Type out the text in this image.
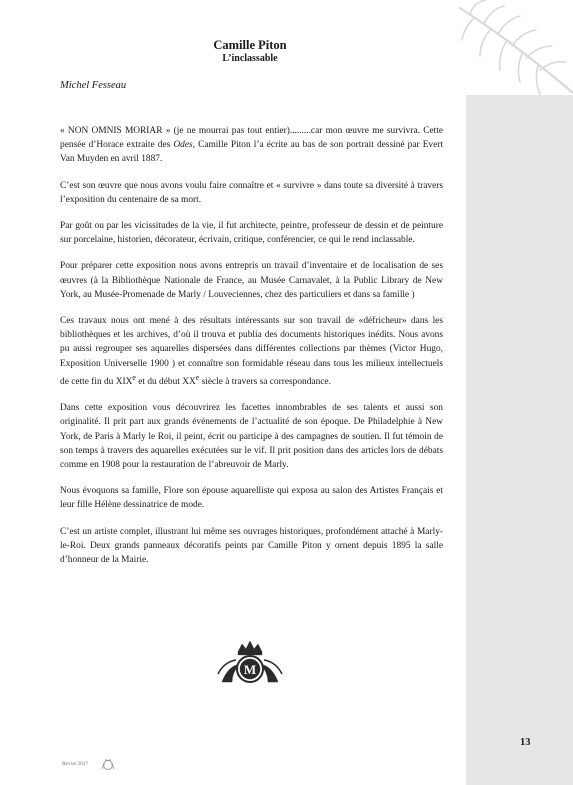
Camille Piton
L’inclassable

Michel Fesseau

« NON OMNIS MORIAR » (je ne mourrai pas tout entier).........car mon œuvre me survivra. Cette pensée d’Horace extraite des Odes, Camille Piton l’a écrite au bas de son portrait dessiné par Evert Van Muyden en avril 1887.

C’est son œuvre que nous avons voulu faire connaître et « survivre » dans toute sa diversité à travers l’exposition du centenaire de sa mort.

Par goût ou par les vicissitudes de la vie, il fut architecte, peintre, professeur de dessin et de peinture sur porcelaine, historien, décorateur, écrivain, critique, conférencier, ce qui le rend inclassable.

Pour préparer cette exposition nous avons entrepris un travail d’inventaire et de localisation de ses œuvres (à la Bibliothèque Nationale de France, au Musée Carnavalet, à la Public Library de New York, au Musée-Promenade de Marly / Louveciennes, chez des particuliers et dans sa famille )

Ces travaux nous ont mené à des résultats intéressants sur son travail de «défricheur» dans les bibliothèques et les archives, d’où il trouva et publia des documents historiques inédits. Nous avons pu aussi regrouper ses aquarelles dispersées dans différentes collections par thèmes (Victor Hugo, Exposition Universelle 1900 ) et connaître son formidable réseau dans tous les milieux intellectuels de cette fin du XIXe et du début XXe siècle à travers sa correspondance.

Dans cette exposition vous découvrirez les facettes innombrables de ses talents et aussi son originalité. Il prit part aux grands événements de l’actualité de son époque. De Philadelphie à New York, de Paris à Marly le Roi, il peint, écrit ou participe à des campagnes de soutien. Il fut témoin de son temps à travers des aquarelles exécutées sur le vif. Il prit position dans des articles lors de débats comme en 1908 pour la restauration de l’abreuvoir de Marly.

Nous évoquons sa famille, Flore son épouse aquarelliste qui exposa au salon des Artistes Français et leur fille Hélène dessinatrice de mode.

C’est un artiste complet, illustrant lui même ses ouvrages historiques, profondément attaché à Marly-le-Roi. Deux grands panneaux décoratifs peints par Camille Piton y ornent depuis 1895 la salle d’honneur de la Mairie.

M

13

Revue 2017
